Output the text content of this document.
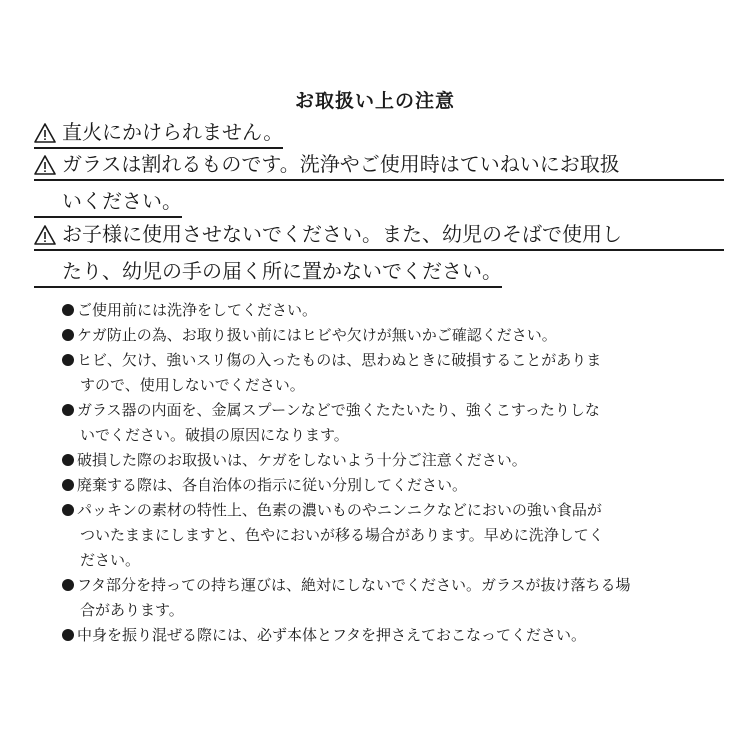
お取扱い上の注意
直火にかけられません。
ガラスは割れるものです。洗浄やご使用時はていねいにお取扱
いください。
お子様に使用させないでください。また、幼児のそばで使用し
たり、幼児の手の届く所に置かないでください。

ご使用前には洗浄をしてください。

ケガ防止の為、お取り扱い前にはヒビや欠けが無いかご確認ください。

ヒビ、欠け、強いスリ傷の入ったものは、思わぬときに破損することがありま
すので、使用しないでください。

ガラス器の内面を、金属スプーンなどで強くたたいたり、強くこすったりしな
いでください。破損の原因になります。

破損した際のお取扱いは、ケガをしないよう十分ご注意ください。

廃棄する際は、各自治体の指示に従い分別してください。

パッキンの素材の特性上、色素の濃いものやニンニクなどにおいの強い食品が
ついたままにしますと、色やにおいが移る場合があります。早めに洗浄してく
ださい。

フタ部分を持っての持ち運びは、絶対にしないでください。ガラスが抜け落ちる場
合があります。

中身を振り混ぜる際には、必ず本体とフタを押さえておこなってください。
